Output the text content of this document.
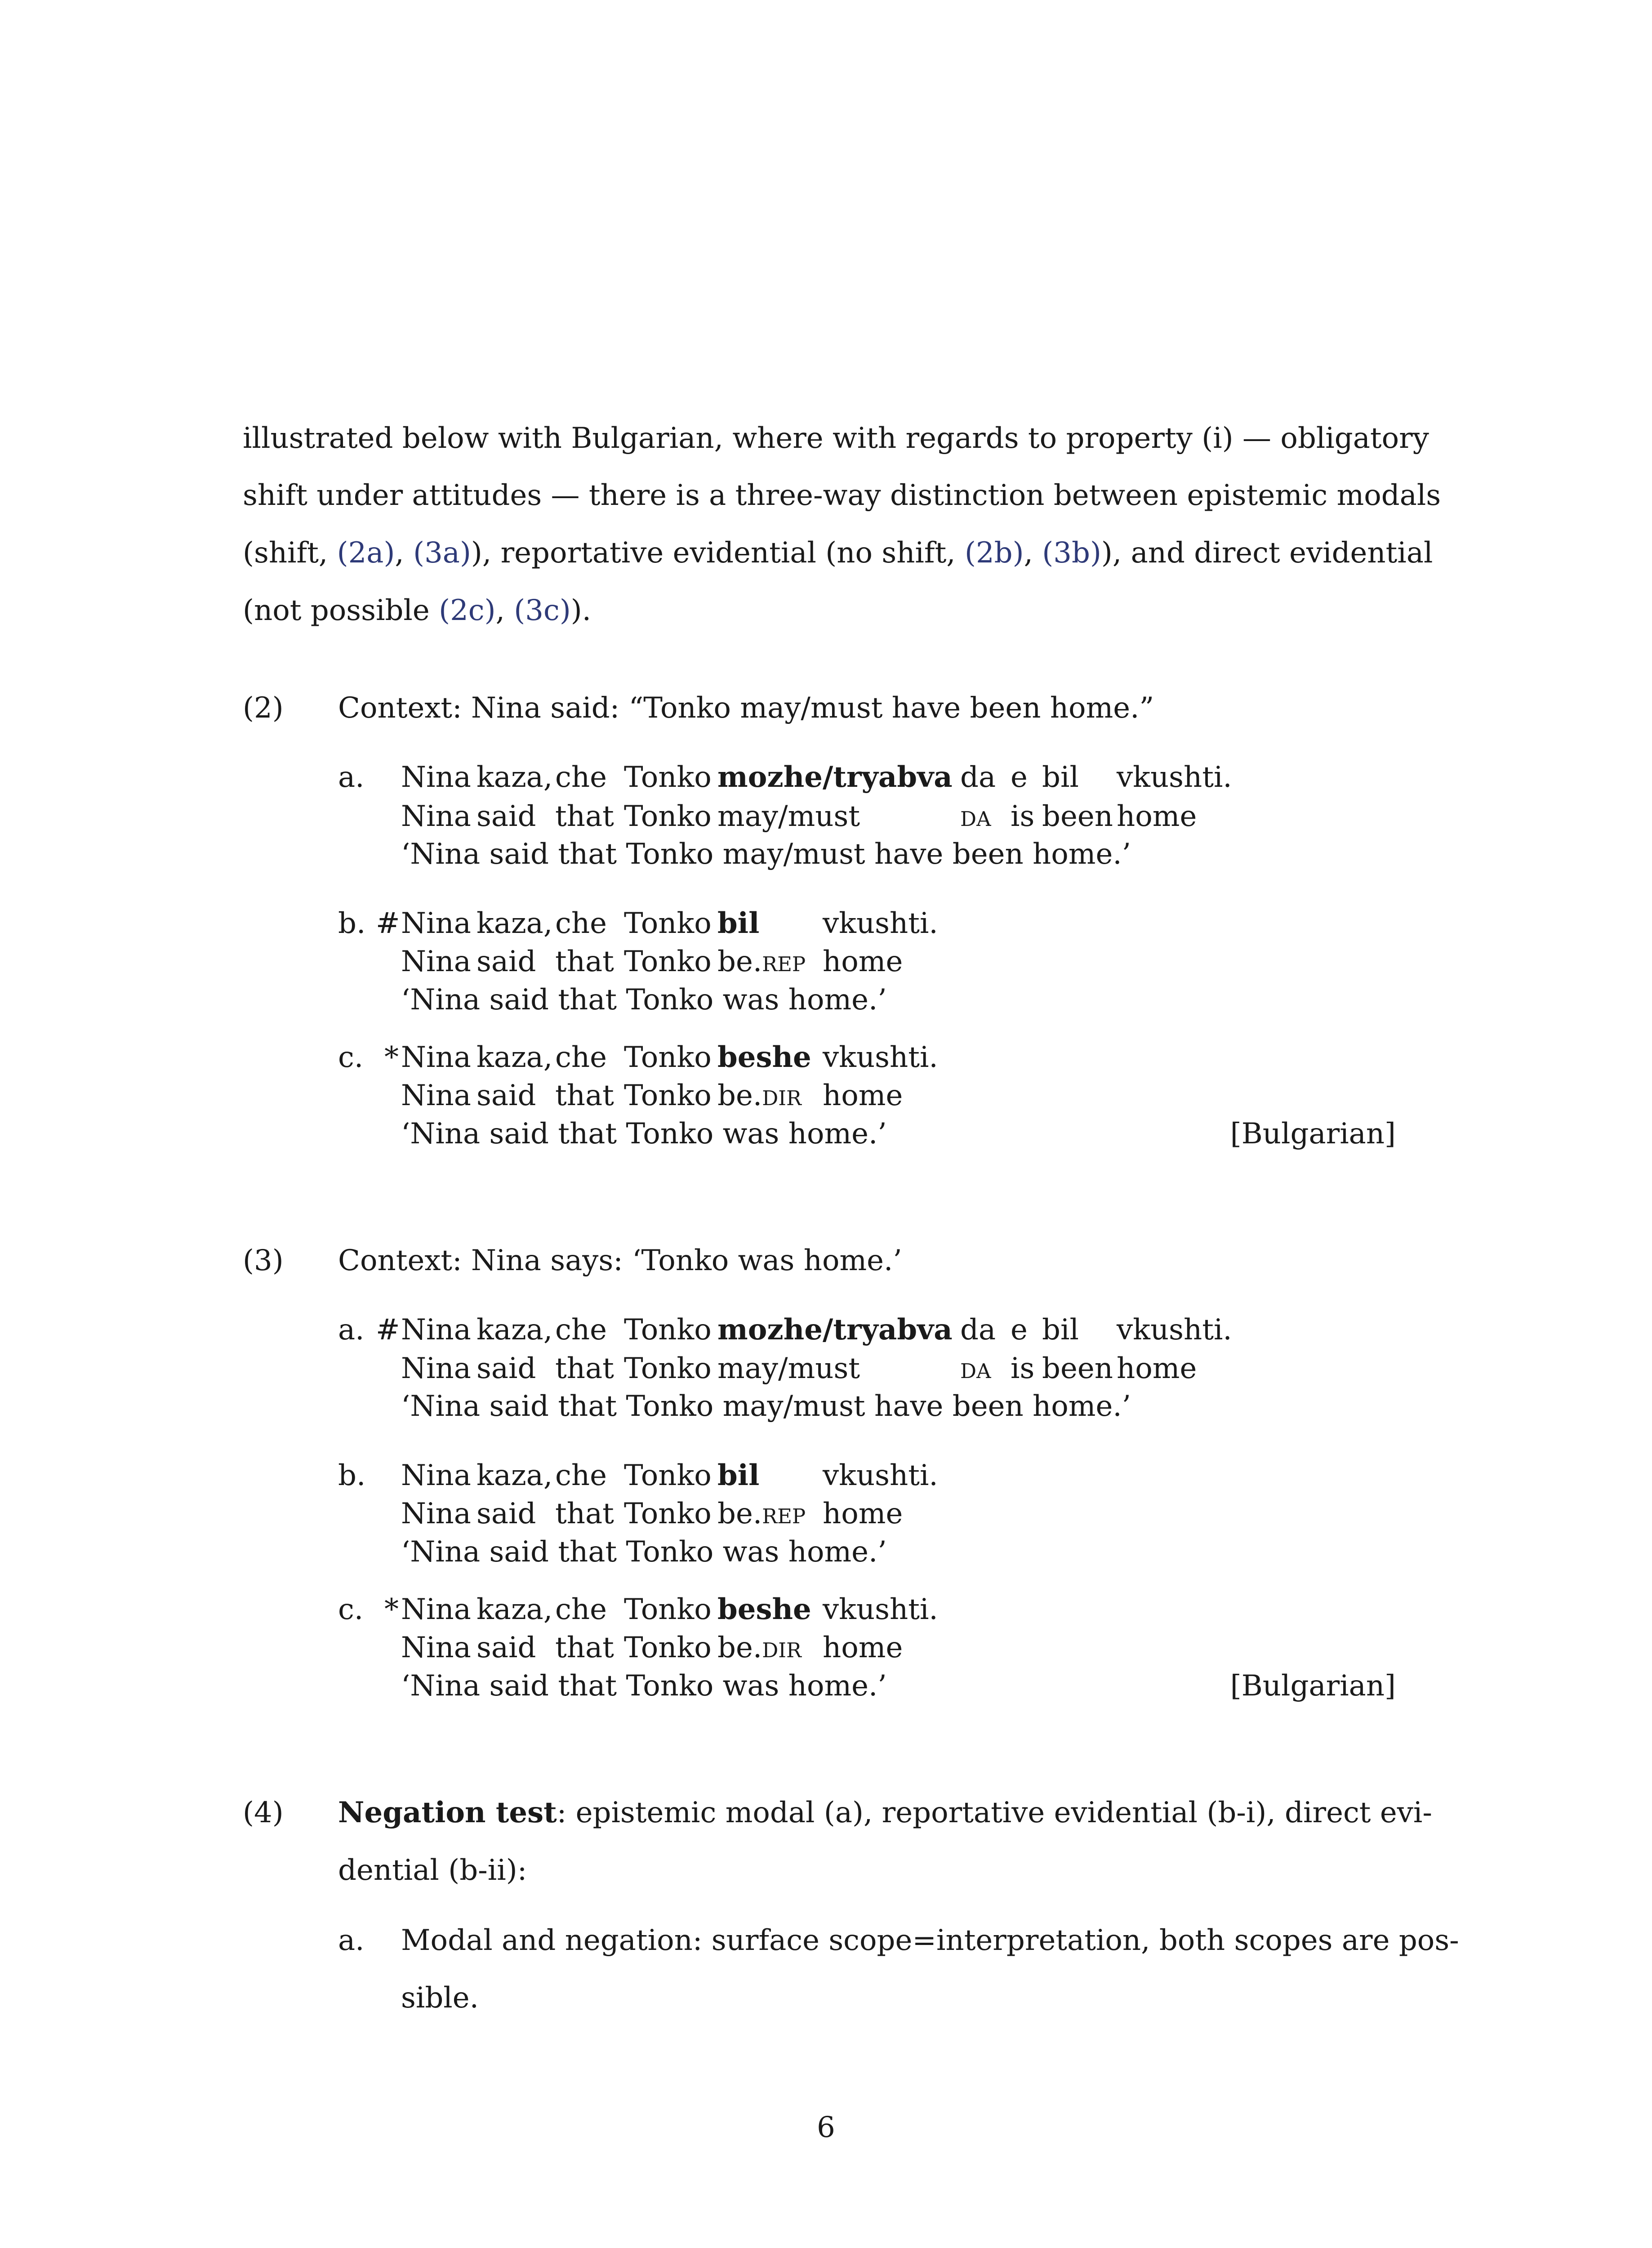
illustrated below with Bulgarian, where with regards to property (i) — obligatory
shift under attitudes — there is a three-way distinction between epistemic modals
(shift, (2a), (3a)), reportative evidential (no shift, (2b), (3b)), and direct evidential
(not possible (2c), (3c)).
(2) Context: Nina said: “Tonko may/must have been home.”
a. Nina kaza, che Tonko mozhe/tryabva da e bil vkushti.
Nina said that Tonko may/must	da is been home
‘Nina said that Tonko may/must have been home.’
b. # Nina kaza, che Tonko bil vkushti.
Nina said that Tonko be.rep home
‘Nina said that Tonko was home.’
c. * Nina kaza, che Tonko beshe vkushti.
Nina said that Tonko be.dir home
‘Nina said that Tonko was home.’	[Bulgarian]
(3) Context: Nina says: ‘Tonko was home.’
a. # Nina kaza, che Tonko mozhe/tryabva da e bil vkushti.
Nina said that Tonko may/must	da is been home
‘Nina said that Tonko may/must have been home.’
b. Nina kaza, che Tonko bil vkushti.
Nina said that Tonko be.rep home
‘Nina said that Tonko was home.’
c. * Nina kaza, che Tonko beshe vkushti.
Nina said that Tonko be.dir home
‘Nina said that Tonko was home.’	[Bulgarian]
(4) Negation test: epistemic modal (a), reportative evidential (b-i), direct evi-
dential (b-ii):
a. Modal and negation: surface scope=interpretation, both scopes are pos-
sible.
6
